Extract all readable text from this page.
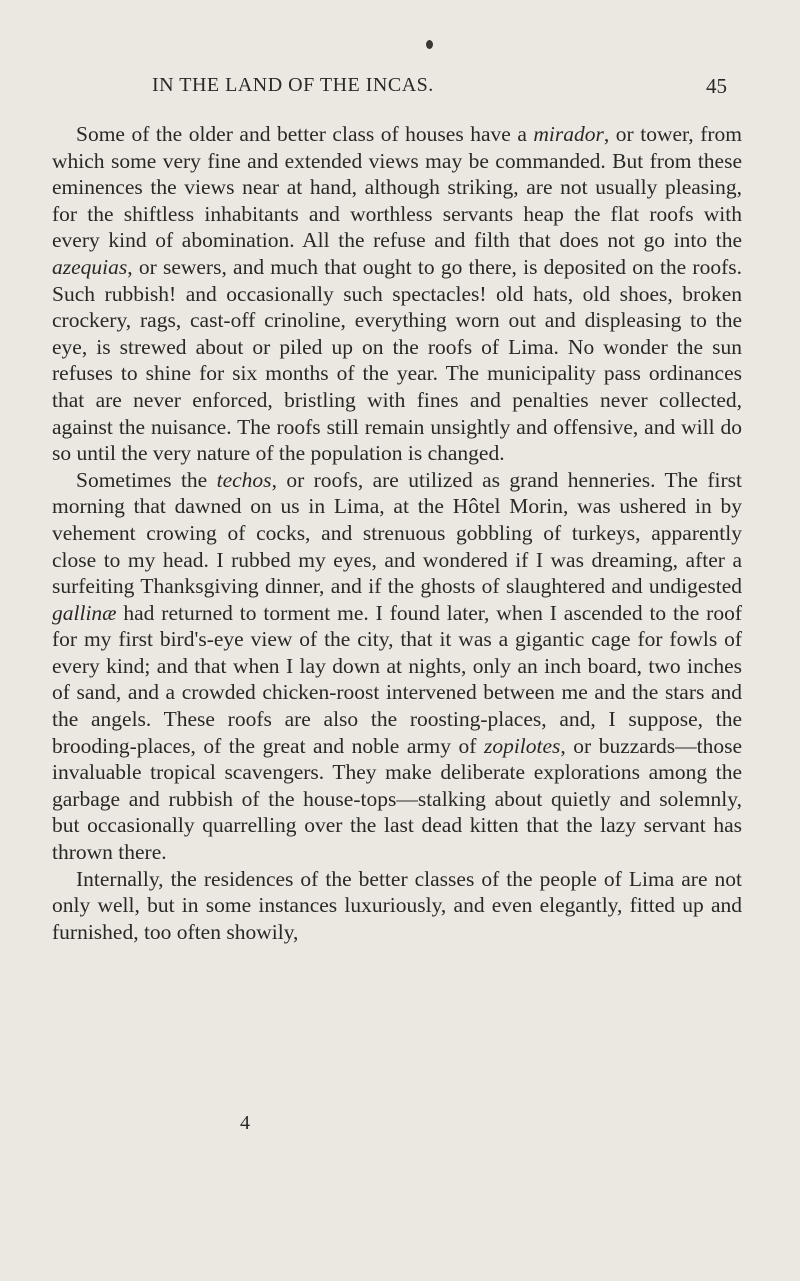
IN THE LAND OF THE INCAS.	45

Some of the older and better class of houses have a mirador, or tower, from which some very fine and extended views may be commanded. But from these eminences the views near at hand, although striking, are not usually pleasing, for the shiftless inhabitants and worthless servants heap the flat roofs with every kind of abomination. All the refuse and filth that does not go into the azequias, or sewers, and much that ought to go there, is deposited on the roofs. Such rubbish! and occasionally such spectacles! old hats, old shoes, broken crockery, rags, cast-off crinoline, everything worn out and displeasing to the eye, is strewed about or piled up on the roofs of Lima. No wonder the sun refuses to shine for six months of the year. The municipality pass ordinances that are never enforced, bristling with fines and penalties never collected, against the nuisance. The roofs still remain unsightly and offensive, and will do so until the very nature of the population is changed.

Sometimes the techos, or roofs, are utilized as grand henneries. The first morning that dawned on us in Lima, at the Hôtel Morin, was ushered in by vehement crowing of cocks, and strenuous gobbling of turkeys, apparently close to my head. I rubbed my eyes, and wondered if I was dreaming, after a surfeiting Thanksgiving dinner, and if the ghosts of slaughtered and undigested gallinæ had returned to torment me. I found later, when I ascended to the roof for my first bird's-eye view of the city, that it was a gigantic cage for fowls of every kind; and that when I lay down at nights, only an inch board, two inches of sand, and a crowded chicken-roost intervened between me and the stars and the angels. These roofs are also the roosting-places, and, I suppose, the brooding-places, of the great and noble army of zopilotes, or buzzards—those invaluable tropical scavengers. They make deliberate explorations among the garbage and rubbish of the house-tops—stalking about quietly and solemnly, but occasionally quarrelling over the last dead kitten that the lazy servant has thrown there.

Internally, the residences of the better classes of the people of Lima are not only well, but in some instances luxuriously, and even elegantly, fitted up and furnished, too often showily,

4
